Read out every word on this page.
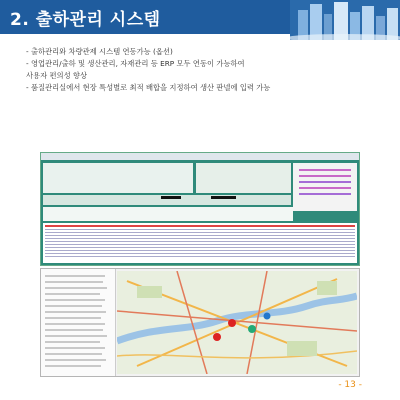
2. 출하관리 시스템

- 출하관리와 차량관제 시스템 연동가능 (옵션)

- 영업관리/출하 및 생산관리, 자재관리 등 ERP 모두 연동이 가능하여

사용자 편의성 향상

- 품질관리실에서 현장 특성별로 최적 배합을 지정하여 생산 판넬에 입력 가능

- 13 -
